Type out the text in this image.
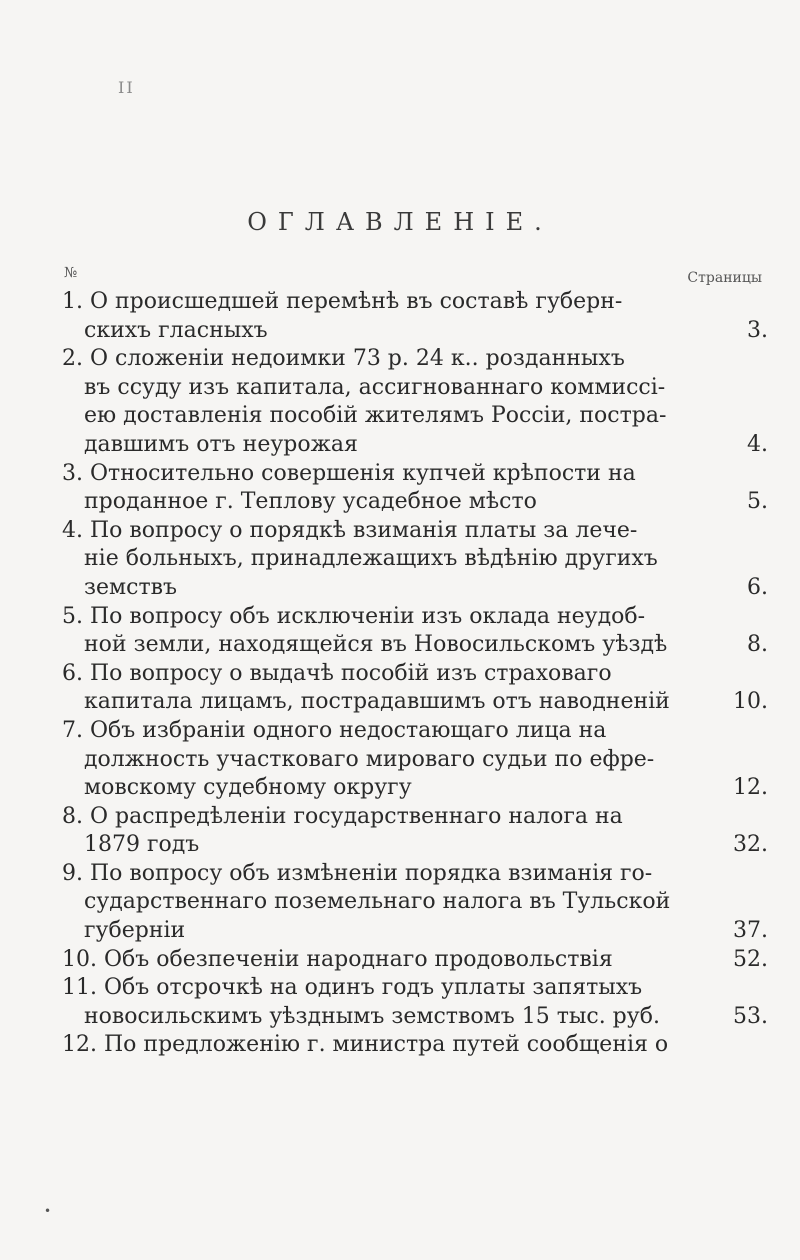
II
ОГЛАВЛЕНІЕ.
№	Страницы
1. О происшедшей перемѣнѣ въ составѣ губерн-
скихъ гласныхъ	3.
2. О сложеніи недоимки 73 р. 24 к.. розданныхъ
въ ссуду изъ капитала, ассигнованнаго коммиссі-
ею доставленія пособій жителямъ Россіи, постра-
давшимъ отъ неурожая	4.
3. Относительно совершенія купчей крѣпости на
проданное г. Теплову усадебное мѣсто	5.
4. По вопросу о порядкѣ взиманія платы за лече-
ніе больныхъ, принадлежащихъ вѣдѣнію другихъ
земствъ	6.
5. По вопросу объ исключеніи изъ оклада неудоб-
ной земли, находящейся въ Новосильскомъ уѣздѣ	8.
6. По вопросу о выдачѣ пособій изъ страховаго
капитала лицамъ, пострадавшимъ отъ наводненій	10.
7. Объ избраніи одного недостающаго лица на
должность участковаго мироваго судьи по ефре-
мовскому судебному округу	12.
8. О распредѣленіи государственнаго налога на
1879 годъ	32.
9. По вопросу объ измѣненіи порядка взиманія го-
сударственнаго поземельнаго налога въ Тульской
губерніи	37.
10. Объ обезпеченіи народнаго продовольствія	52.
11. Объ отсрочкѣ на одинъ годъ уплаты запятыхъ
новосильскимъ уѣзднымъ земствомъ 15 тыс. руб.	53.
12. По предложенію г. министра путей сообщенія о
•
